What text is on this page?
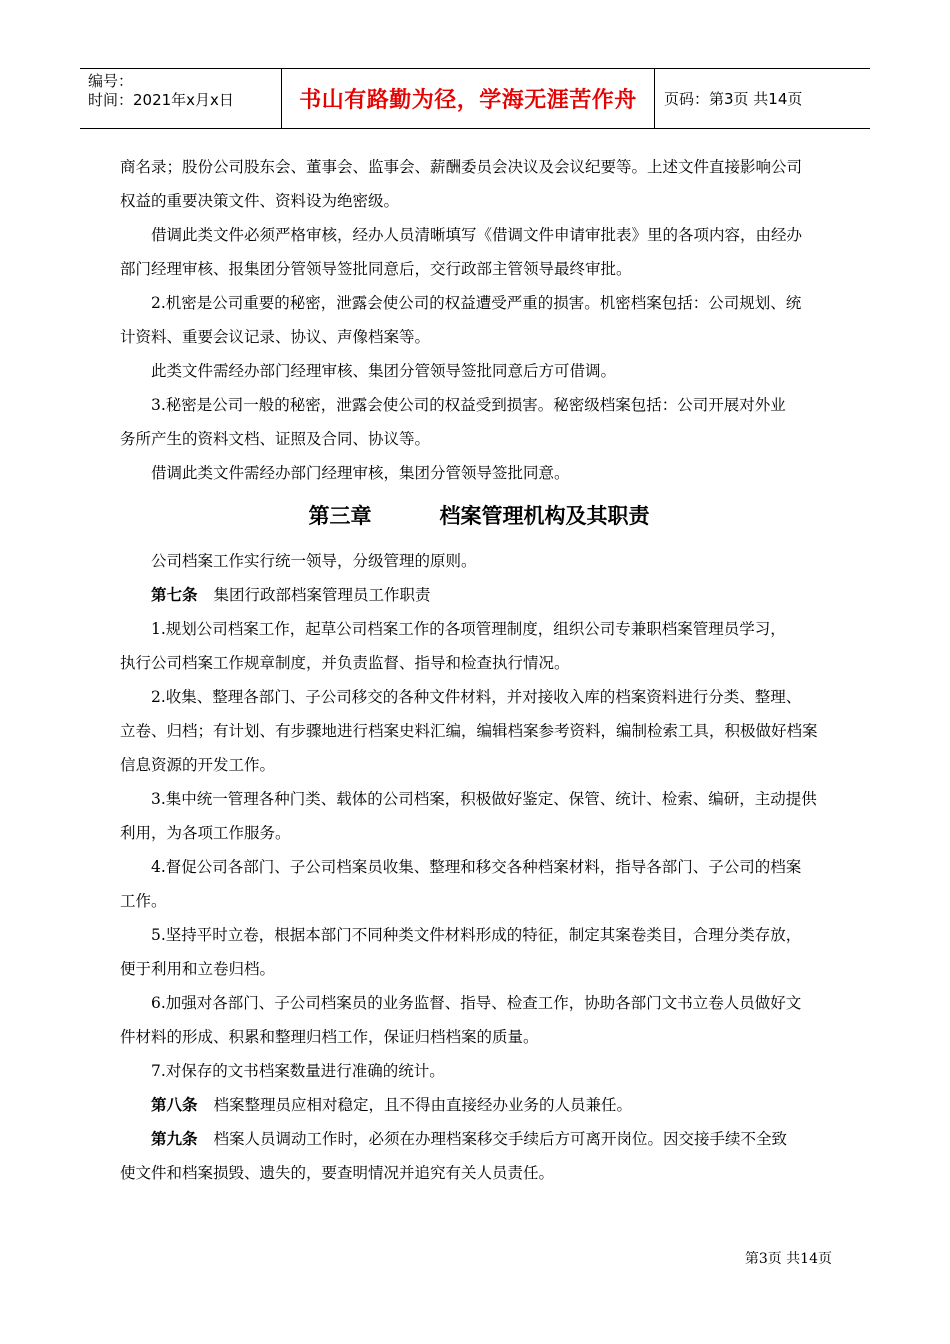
编号：
时间：2021年x月x日	书山有路勤为径，学海无涯苦作舟	页码：第3页 共14页

商名录；股份公司股东会、董事会、监事会、薪酬委员会决议及会议纪要等。上述文件直接影响公司

权益的重要决策文件、资料设为绝密级。

借调此类文件必须严格审核，经办人员清晰填写《借调文件申请审批表》里的各项内容，由经办

部门经理审核、报集团分管领导签批同意后，交行政部主管领导最终审批。

2.机密是公司重要的秘密，泄露会使公司的权益遭受严重的损害。机密档案包括：公司规划、统

计资料、重要会议记录、协议、声像档案等。

此类文件需经办部门经理审核、集团分管领导签批同意后方可借调。

3.秘密是公司一般的秘密，泄露会使公司的权益受到损害。秘密级档案包括：公司开展对外业

务所产生的资料文档、证照及合同、协议等。

借调此类文件需经办部门经理审核，集团分管领导签批同意。

第三章	档案管理机构及其职责

公司档案工作实行统一领导，分级管理的原则。

第七条 集团行政部档案管理员工作职责

1.规划公司档案工作，起草公司档案工作的各项管理制度，组织公司专兼职档案管理员学习，

执行公司档案工作规章制度，并负责监督、指导和检查执行情况。

2.收集、整理各部门、子公司移交的各种文件材料，并对接收入库的档案资料进行分类、整理、

立卷、归档；有计划、有步骤地进行档案史料汇编，编辑档案参考资料，编制检索工具，积极做好档案

信息资源的开发工作。

3.集中统一管理各种门类、载体的公司档案，积极做好鉴定、保管、统计、检索、编研，主动提供

利用，为各项工作服务。

4.督促公司各部门、子公司档案员收集、整理和移交各种档案材料，指导各部门、子公司的档案

工作。

5.坚持平时立卷，根据本部门不同种类文件材料形成的特征，制定其案卷类目，合理分类存放，

便于利用和立卷归档。

6.加强对各部门、子公司档案员的业务监督、指导、检查工作，协助各部门文书立卷人员做好文

件材料的形成、积累和整理归档工作，保证归档档案的质量。

7.对保存的文书档案数量进行准确的统计。

第八条 档案整理员应相对稳定，且不得由直接经办业务的人员兼任。

第九条 档案人员调动工作时，必须在办理档案移交手续后方可离开岗位。因交接手续不全致

使文件和档案损毁、遗失的，要查明情况并追究有关人员责任。

第3页 共14页
